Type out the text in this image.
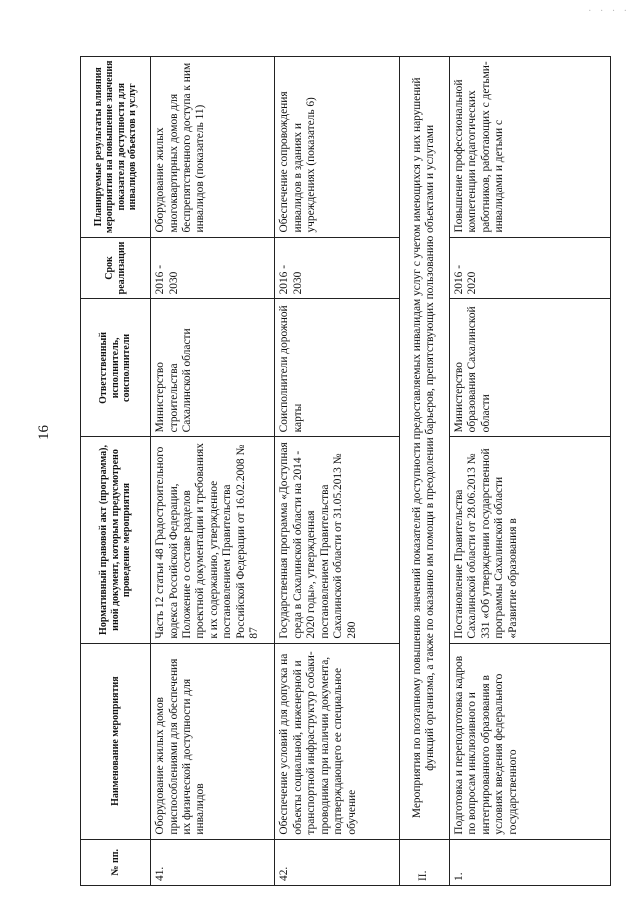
· · · ·
16
№ пп.	Наименование мероприятия	Нормативный правовой акт (программа), иной документ, которым предусмотрено проведение мероприятия	Ответственный исполнитель, соисполнители	Срок реализации	Планируемые результаты влияния мероприятия на повышение значения показателя доступности для инвалидов объектов и услуг
41.	Оборудование жилых домов приспособлениями для обеспечения их физической доступности для инвалидов	Часть 12 статьи 48 Градостроительного кодекса Российской Федерации, Положение о составе разделов проектной документации и требованиях к их содержанию, утвержденное постановлением Правительства Российской Федерации от 16.02.2008 № 87	Министерство строительства Сахалинской области	2016 - 2030	Оборудование жилых многоквартирных домов для беспрепятственного доступа к ним инвалидов (показатель 11)
42.	Обеспечение условий для допуска на объекты социальной, инженерной и транспортной инфраструктур собаки-проводника при наличии документа, подтверждающего ее специальное обучение	Государственная программа «Доступная среда в Сахалинской области на 2014 - 2020 годы», утвержденная постановлением Правительства Сахалинской области от 31.05.2013 № 280	Соисполнители дорожной карты	2016 - 2030	Обеспечение сопровождения инвалидов в зданиях и учреждениях (показатель 6)
II.	Мероприятия по поэтапному повышению значений показателей доступности предоставляемых инвалидам услуг с учетом имеющихся у них нарушений функций организма, а также по оказанию им помощи в преодолении барьеров, препятствующих пользованию объектами и услугами				
1.	Подготовка и переподготовка кадров по вопросам инклюзивного и интегрированного образования в условиях введения федерального государственного	Постановление Правительства Сахалинской области от 28.06.2013 № 331 «Об утверждении государственной программы Сахалинской области «Развитие образования в	Министерство образования Сахалинской области	2016 - 2020	Повышение профессиональной компетенции педагогических работников, работающих с детьми-инвалидами и детьми с
